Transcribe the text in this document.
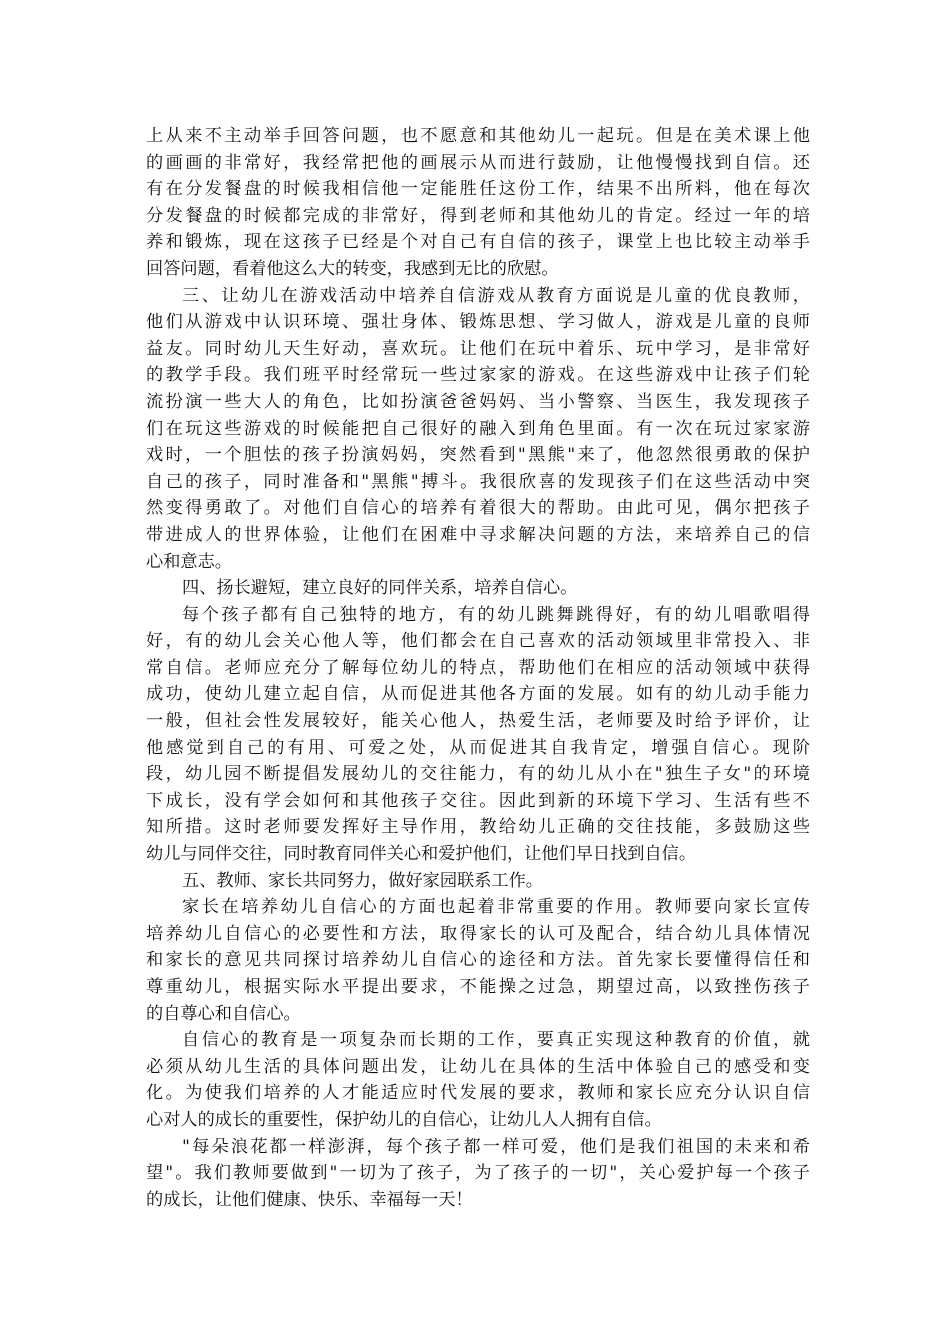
上从来不主动举手回答问题，也不愿意和其他幼儿一起玩。但是在美术课上他
的画画的非常好，我经常把他的画展示从而进行鼓励，让他慢慢找到自信。还
有在分发餐盘的时候我相信他一定能胜任这份工作，结果不出所料，他在每次
分发餐盘的时候都完成的非常好，得到老师和其他幼儿的肯定。经过一年的培
养和锻炼，现在这孩子已经是个对自己有自信的孩子，课堂上也比较主动举手
回答问题，看着他这么大的转变，我感到无比的欣慰。
三、让幼儿在游戏活动中培养自信游戏从教育方面说是儿童的优良教师，
他们从游戏中认识环境、强壮身体、锻炼思想、学习做人，游戏是儿童的良师
益友。同时幼儿天生好动，喜欢玩。让他们在玩中着乐、玩中学习，是非常好
的教学手段。我们班平时经常玩一些过家家的游戏。在这些游戏中让孩子们轮
流扮演一些大人的角色，比如扮演爸爸妈妈、当小警察、当医生，我发现孩子
们在玩这些游戏的时候能把自己很好的融入到角色里面。有一次在玩过家家游
戏时，一个胆怯的孩子扮演妈妈，突然看到"黑熊"来了，他忽然很勇敢的保护
自己的孩子，同时准备和"黑熊"搏斗。我很欣喜的发现孩子们在这些活动中突
然变得勇敢了。对他们自信心的培养有着很大的帮助。由此可见，偶尔把孩子
带进成人的世界体验，让他们在困难中寻求解决问题的方法，来培养自己的信
心和意志。
四、扬长避短，建立良好的同伴关系，培养自信心。
每个孩子都有自己独特的地方，有的幼儿跳舞跳得好，有的幼儿唱歌唱得
好，有的幼儿会关心他人等，他们都会在自己喜欢的活动领域里非常投入、非
常自信。老师应充分了解每位幼儿的特点，帮助他们在相应的活动领域中获得
成功，使幼儿建立起自信，从而促进其他各方面的发展。如有的幼儿动手能力
一般，但社会性发展较好，能关心他人，热爱生活，老师要及时给予评价，让
他感觉到自己的有用、可爱之处，从而促进其自我肯定，增强自信心。现阶
段，幼儿园不断提倡发展幼儿的交往能力，有的幼儿从小在"独生子女"的环境
下成长，没有学会如何和其他孩子交往。因此到新的环境下学习、生活有些不
知所措。这时老师要发挥好主导作用，教给幼儿正确的交往技能，多鼓励这些
幼儿与同伴交往，同时教育同伴关心和爱护他们，让他们早日找到自信。
五、教师、家长共同努力，做好家园联系工作。
家长在培养幼儿自信心的方面也起着非常重要的作用。教师要向家长宣传
培养幼儿自信心的必要性和方法，取得家长的认可及配合，结合幼儿具体情况
和家长的意见共同探讨培养幼儿自信心的途径和方法。首先家长要懂得信任和
尊重幼儿，根据实际水平提出要求，不能操之过急，期望过高，以致挫伤孩子
的自尊心和自信心。
自信心的教育是一项复杂而长期的工作，要真正实现这种教育的价值，就
必须从幼儿生活的具体问题出发，让幼儿在具体的生活中体验自己的感受和变
化。为使我们培养的人才能适应时代发展的要求，教师和家长应充分认识自信
心对人的成长的重要性，保护幼儿的自信心，让幼儿人人拥有自信。
"每朵浪花都一样澎湃，每个孩子都一样可爱，他们是我们祖国的未来和希
望"。我们教师要做到"一切为了孩子，为了孩子的一切"，关心爱护每一个孩子
的成长，让他们健康、快乐、幸福每一天！
